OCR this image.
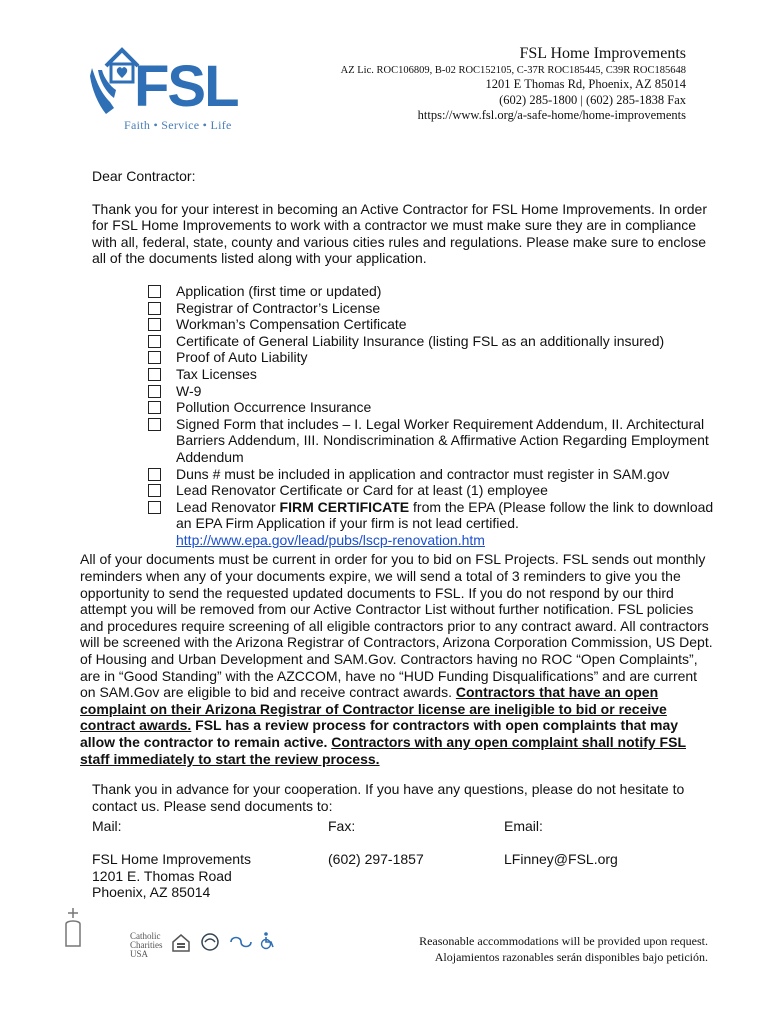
FSL
Faith • Service • Life
FSL Home Improvements
AZ Lic. ROC106809, B-02 ROC152105, C-37R ROC185445, C39R ROC185648
1201 E Thomas Rd, Phoenix, AZ 85014
(602) 285-1800 | (602) 285-1838 Fax
https://www.fsl.org/a-safe-home/home-improvements

Dear Contractor:

Thank you for your interest in becoming an Active Contractor for FSL Home Improvements. In order for FSL Home Improvements to work with a contractor we must make sure they are in compliance with all, federal, state, county and various cities rules and regulations. Please make sure to enclose all of the documents listed along with your application.

Application (first time or updated)
Registrar of Contractor’s License
Workman’s Compensation Certificate
Certificate of General Liability Insurance (listing FSL as an additionally insured)
Proof of Auto Liability
Tax Licenses
W-9
Pollution Occurrence Insurance
Signed Form that includes – I. Legal Worker Requirement Addendum, II. Architectural Barriers Addendum, III. Nondiscrimination & Affirmative Action Regarding Employment Addendum
Duns # must be included in application and contractor must register in SAM.gov
Lead Renovator Certificate or Card for at least (1) employee
Lead Renovator FIRM CERTIFICATE from the EPA (Please follow the link to download an EPA Firm Application if your firm is not lead certified.
http://www.epa.gov/lead/pubs/lscp-renovation.htm

All of your documents must be current in order for you to bid on FSL Projects. FSL sends out monthly reminders when any of your documents expire, we will send a total of 3 reminders to give you the opportunity to send the requested updated documents to FSL. If you do not respond by our third attempt you will be removed from our Active Contractor List without further notification. FSL policies and procedures require screening of all eligible contractors prior to any contract award. All contractors will be screened with the Arizona Registrar of Contractors, Arizona Corporation Commission, US Dept. of Housing and Urban Development and SAM.Gov. Contractors having no ROC “Open Complaints”, are in “Good Standing” with the AZCCOM, have no “HUD Funding Disqualifications” and are current on SAM.Gov are eligible to bid and receive contract awards. Contractors that have an open complaint on their Arizona Registrar of Contractor license are ineligible to bid or receive contract awards. FSL has a review process for contractors with open complaints that may allow the contractor to remain active. Contractors with any open complaint shall notify FSL staff immediately to start the review process.

Thank you in advance for your cooperation. If you have any questions, please do not hesitate to contact us. Please send documents to:

Mail:	Fax:	Email:
FSL Home Improvements
1201 E. Thomas Road
Phoenix, AZ 85014
(602) 297-1857	LFinney@FSL.org
Catholic Charities USA
Reasonable accommodations will be provided upon request.
Alojamientos razonables serán disponibles bajo petición.
